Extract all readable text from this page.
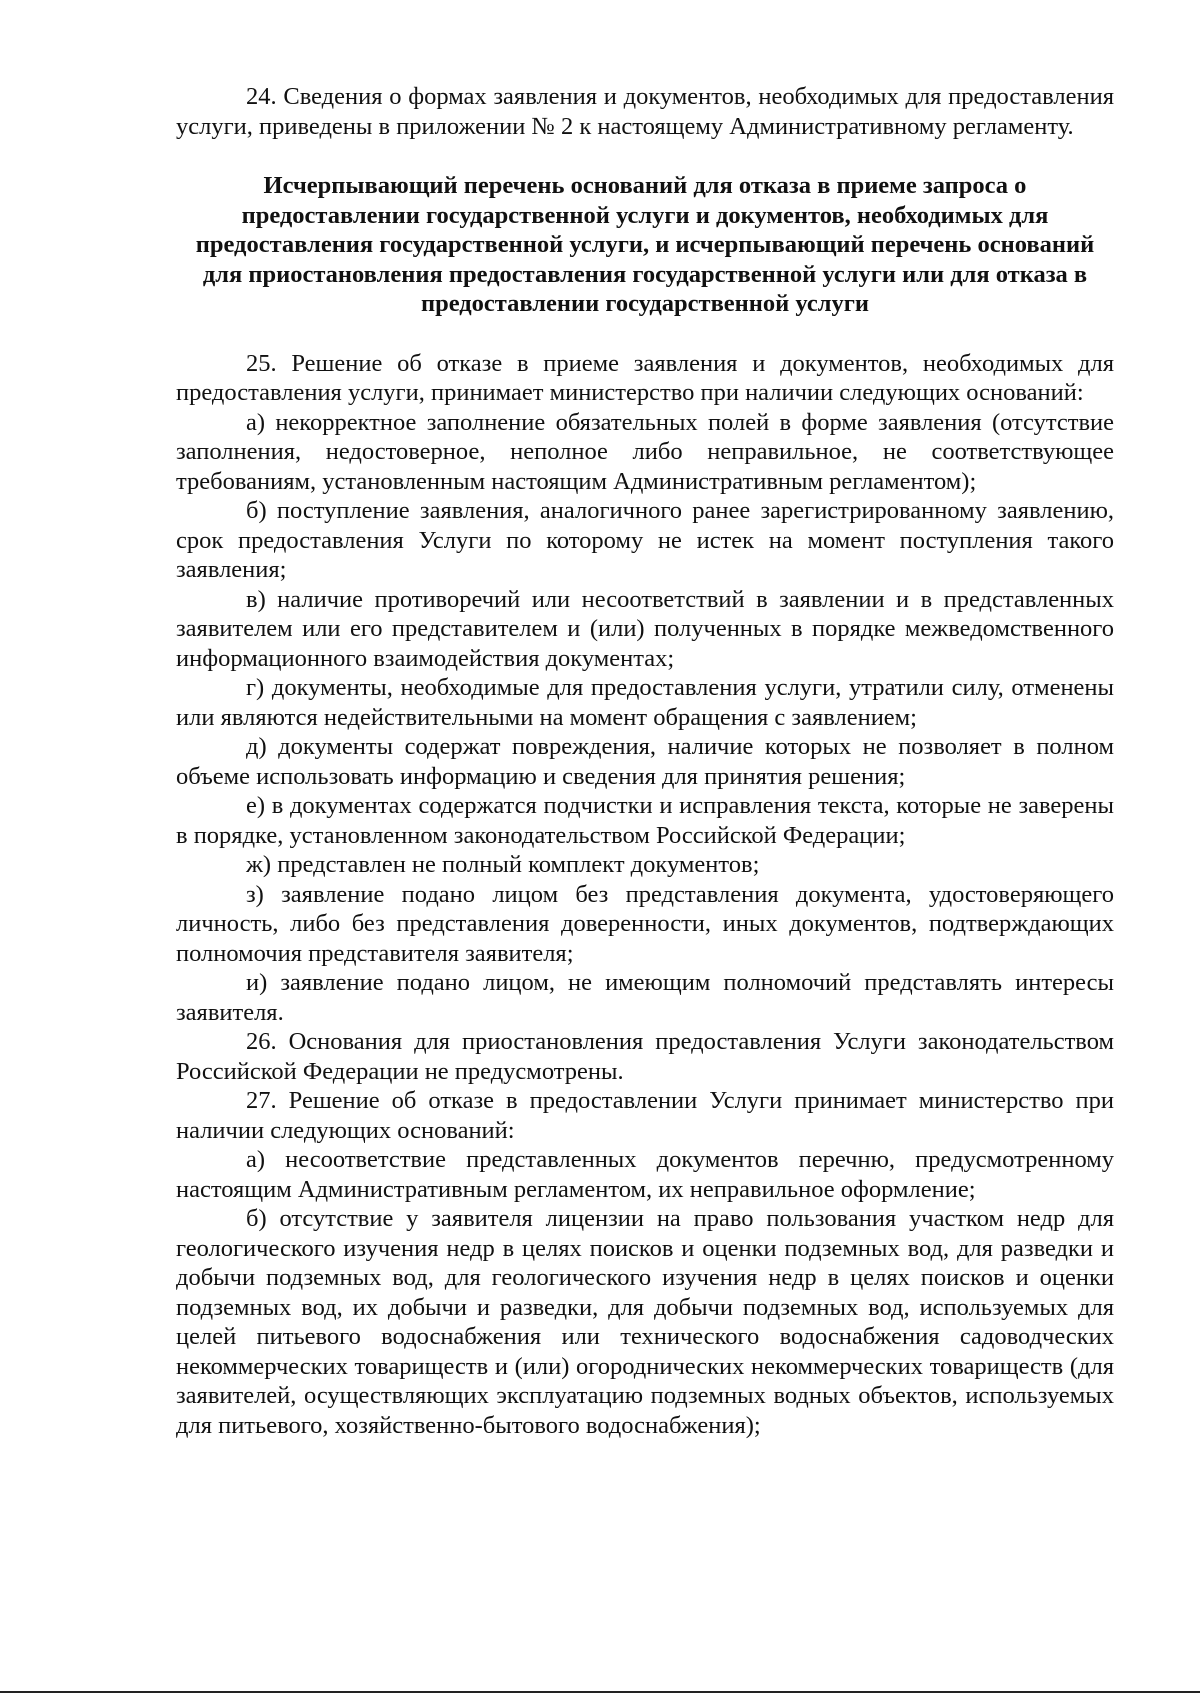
24. Сведения о формах заявления и документов, необходимых для предоставления услуги, приведены в приложении № 2 к настоящему Административному регламенту.

Исчерпывающий перечень оснований для отказа в приеме запроса о предоставлении государственной услуги и документов, необходимых для предоставления государственной услуги, и исчерпывающий перечень оснований для приостановления предоставления государственной услуги или для отказа в предоставлении государственной услуги

25. Решение об отказе в приеме заявления и документов, необходимых для предоставления услуги, принимает министерство при наличии следующих оснований:

а) некорректное заполнение обязательных полей в форме заявления (отсутствие заполнения, недостоверное, неполное либо неправильное, не соответствующее требованиям, установленным настоящим Административным регламентом);

б) поступление заявления, аналогичного ранее зарегистрированному заявлению, срок предоставления Услуги по которому не истек на момент поступления такого заявления;

в) наличие противоречий или несоответствий в заявлении и в представленных заявителем или его представителем и (или) полученных в порядке межведомственного информационного взаимодействия документах;

г) документы, необходимые для предоставления услуги, утратили силу, отменены или являются недействительными на момент обращения с заявлением;

д) документы содержат повреждения, наличие которых не позволяет в полном объеме использовать информацию и сведения для принятия решения;

е) в документах содержатся подчистки и исправления текста, которые не заверены в порядке, установленном законодательством Российской Федерации;

ж) представлен не полный комплект документов;

з) заявление подано лицом без представления документа, удостоверяющего личность, либо без представления доверенности, иных документов, подтверждающих полномочия представителя заявителя;

и) заявление подано лицом, не имеющим полномочий представлять интересы заявителя.

26. Основания для приостановления предоставления Услуги законодательством Российской Федерации не предусмотрены.

27. Решение об отказе в предоставлении Услуги принимает министерство при наличии следующих оснований:

а) несоответствие представленных документов перечню, предусмотренному настоящим Административным регламентом, их неправильное оформление;

б) отсутствие у заявителя лицензии на право пользования участком недр для геологического изучения недр в целях поисков и оценки подземных вод, для разведки и добычи подземных вод, для геологического изучения недр в целях поисков и оценки подземных вод, их добычи и разведки, для добычи подземных вод, используемых для целей питьевого водоснабжения или технического водоснабжения садоводческих некоммерческих товариществ и (или) огороднических некоммерческих товариществ (для заявителей, осуществляющих эксплуатацию подземных водных объектов, используемых для питьевого, хозяйственно-бытового водоснабжения);
